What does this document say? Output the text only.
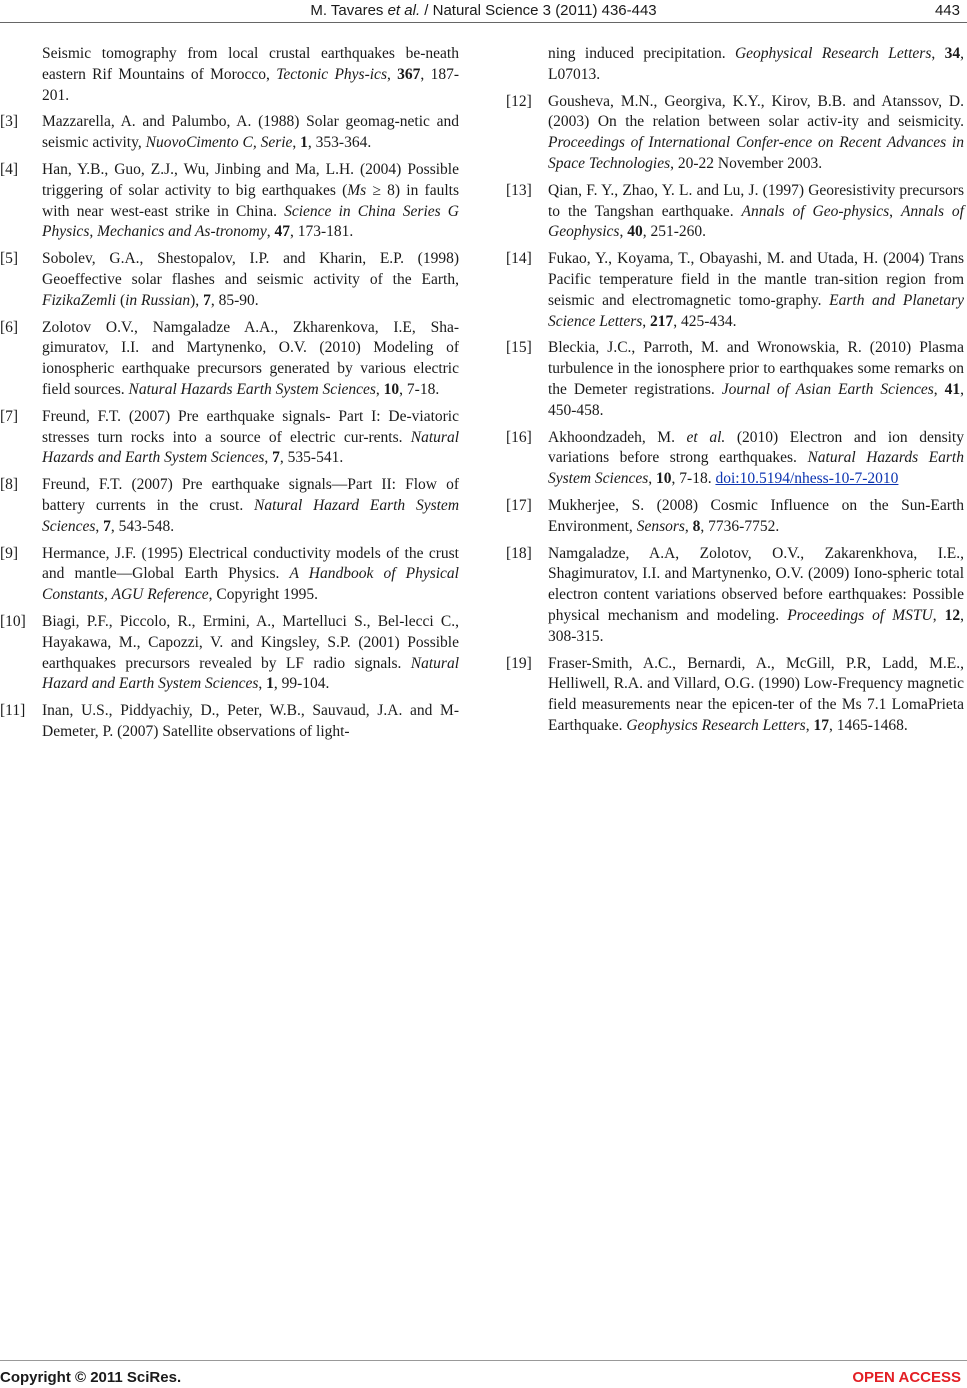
M. Tavares et al. / Natural Science 3 (2011) 436-443	443
Seismic tomography from local crustal earthquakes be-neath eastern Rif Mountains of Morocco, Tectonic Phys-ics, 367, 187-201.
[3] Mazzarella, A. and Palumbo, A. (1988) Solar geomag-netic and seismic activity, NuovoCimento C, Serie, 1, 353-364.
[4] Han, Y.B., Guo, Z.J., Wu, Jinbing and Ma, L.H. (2004) Possible triggering of solar activity to big earthquakes (Ms ≥ 8) in faults with near west-east strike in China. Science in China Series G Physics, Mechanics and As-tronomy, 47, 173-181.
[5] Sobolev, G.A., Shestopalov, I.P. and Kharin, E.P. (1998) Geoeffective solar flashes and seismic activity of the Earth, FizikaZemli (in Russian), 7, 85-90.
[6] Zolotov O.V., Namgaladze A.A., Zkharenkova, I.E, Sha-gimuratov, I.I. and Martynenko, O.V. (2010) Modeling of ionospheric earthquake precursors generated by various electric field sources. Natural Hazards Earth System Sciences, 10, 7-18.
[7] Freund, F.T. (2007) Pre earthquake signals- Part I: De-viatoric stresses turn rocks into a source of electric cur-rents. Natural Hazards and Earth System Sciences, 7, 535-541.
[8] Freund, F.T. (2007) Pre earthquake signals—Part II: Flow of battery currents in the crust. Natural Hazard Earth System Sciences, 7, 543-548.
[9] Hermance, J.F. (1995) Electrical conductivity models of the crust and mantle—Global Earth Physics. A Handbook of Physical Constants, AGU Reference, Copyright 1995.
[10] Biagi, P.F., Piccolo, R., Ermini, A., Martelluci S., Bel-lecci C., Hayakawa, M., Capozzi, V. and Kingsley, S.P. (2001) Possible earthquakes precursors revealed by LF radio signals. Natural Hazard and Earth System Sciences, 1, 99-104.
[11] Inan, U.S., Piddyachiy, D., Peter, W.B., Sauvaud, J.A. and M-Demeter, P. (2007) Satellite observations of light-
ning induced precipitation. Geophysical Research Letters, 34, L07013.
[12] Gousheva, M.N., Georgiva, K.Y., Kirov, B.B. and Atanssov, D. (2003) On the relation between solar activ-ity and seismicity. Proceedings of International Confer-ence on Recent Advances in Space Technologies, 20-22 November 2003.
[13] Qian, F. Y., Zhao, Y. L. and Lu, J. (1997) Georesistivity precursors to the Tangshan earthquake. Annals of Geo-physics, Annals of Geophysics, 40, 251-260.
[14] Fukao, Y., Koyama, T., Obayashi, M. and Utada, H. (2004) Trans Pacific temperature field in the mantle tran-sition region from seismic and electromagnetic tomo-graphy. Earth and Planetary Science Letters, 217, 425-434.
[15] Bleckia, J.C., Parroth, M. and Wronowskia, R. (2010) Plasma turbulence in the ionosphere prior to earthquakes some remarks on the Demeter registrations. Journal of Asian Earth Sciences, 41, 450-458.
[16] Akhoondzadeh, M. et al. (2010) Electron and ion density variations before strong earthquakes. Natural Hazards Earth System Sciences, 10, 7-18. doi:10.5194/nhess-10-7-2010
[17] Mukherjee, S. (2008) Cosmic Influence on the Sun-Earth Environment, Sensors, 8, 7736-7752.
[18] Namgaladze, A.A, Zolotov, O.V., Zakarenkhova, I.E., Shagimuratov, I.I. and Martynenko, O.V. (2009) Iono-spheric total electron content variations observed before earthquakes: Possible physical mechanism and modeling. Proceedings of MSTU, 12, 308-315.
[19] Fraser-Smith, A.C., Bernardi, A., McGill, P.R, Ladd, M.E., Helliwell, R.A. and Villard, O.G. (1990) Low-Frequency magnetic field measurements near the epicen-ter of the Ms 7.1 LomaPrieta Earthquake. Geophysics Research Letters, 17, 1465-1468.
Copyright © 2011 SciRes.	OPEN ACCESS
